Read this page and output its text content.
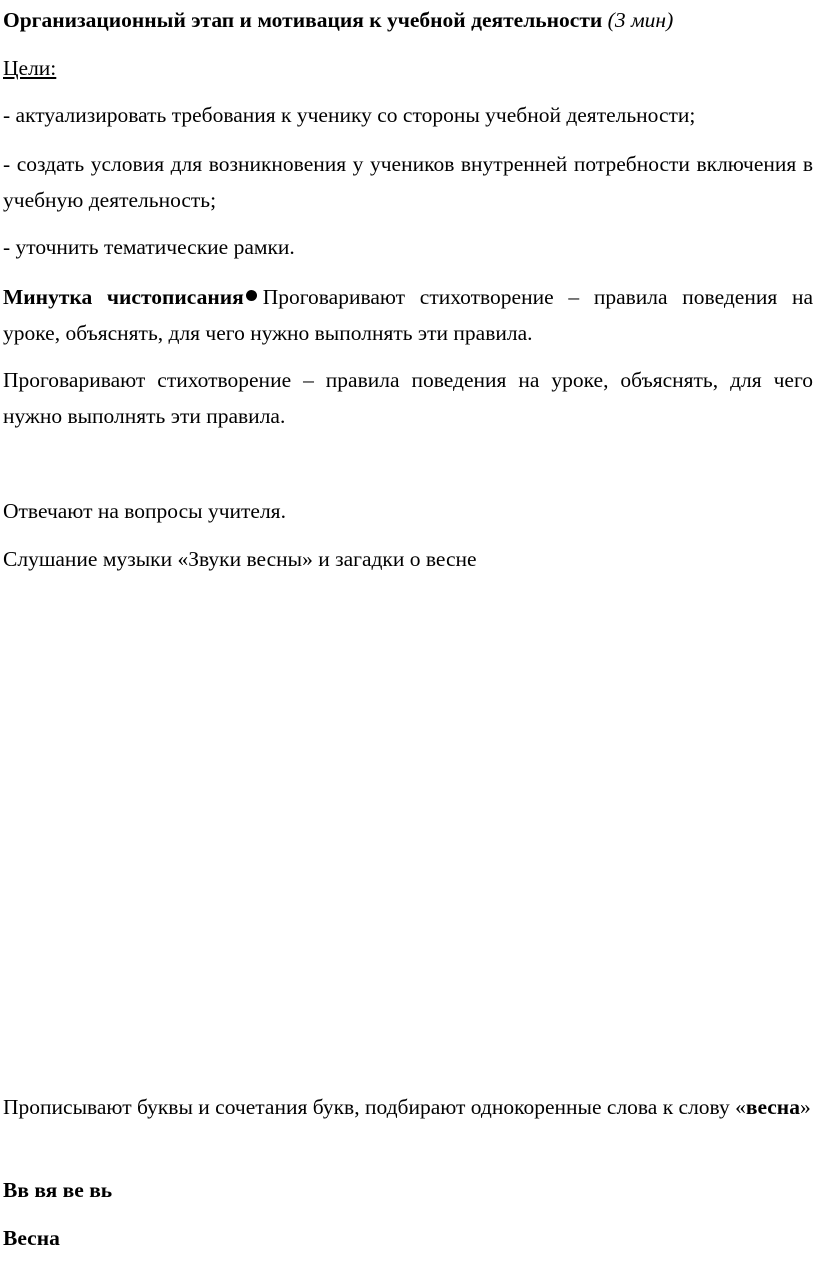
Организационный этап и мотивация к учебной деятельности (3 мин)

Цели:

- актуализировать требования к ученику со стороны учебной деятельности;

- создать условия для возникновения у учеников внутренней потребности включения в учебную деятельность;

- уточнить тематические рамки.

Минутка чистописания Проговаривают стихотворение – правила поведения на уроке, объяснять, для чего нужно выполнять эти правила.

Проговаривают стихотворение – правила поведения на уроке, объяснять, для чего нужно выполнять эти правила.

Отвечают на вопросы учителя.

Слушание музыки «Звуки весны» и загадки о весне

Прописывают буквы и сочетания букв, подбирают однокоренные слова к слову «весна»

Вв вя ве вь

Весна
